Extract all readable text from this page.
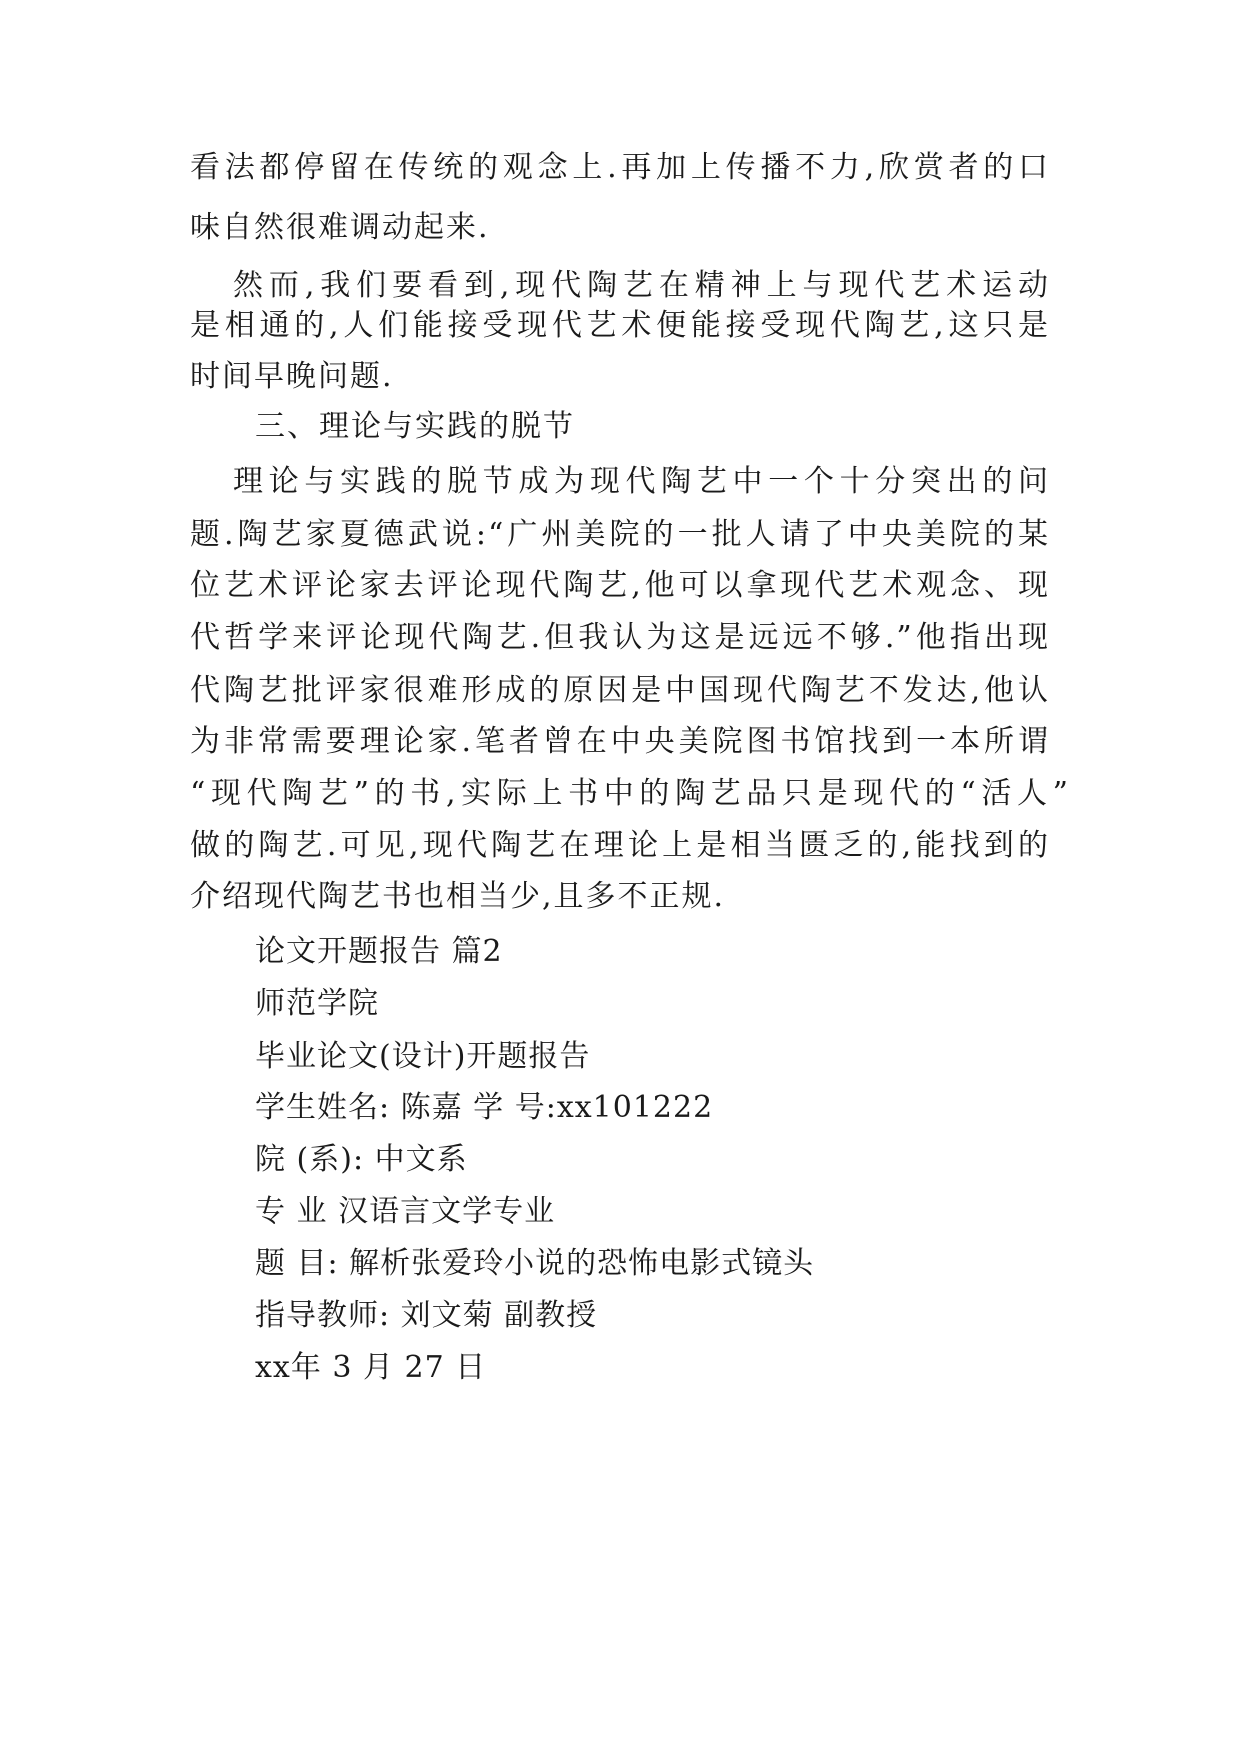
看法都停留在传统的观念上.再加上传播不力,欣赏者的口
味自然很难调动起来.
然而,我们要看到,现代陶艺在精神上与现代艺术运动
是相通的,人们能接受现代艺术便能接受现代陶艺,这只是
时间早晚问题.
三、理论与实践的脱节
理论与实践的脱节成为现代陶艺中一个十分突出的问
题.陶艺家夏德武说:“广州美院的一批人请了中央美院的某
位艺术评论家去评论现代陶艺,他可以拿现代艺术观念、现
代哲学来评论现代陶艺.但我认为这是远远不够.”他指出现
代陶艺批评家很难形成的原因是中国现代陶艺不发达,他认
为非常需要理论家.笔者曾在中央美院图书馆找到一本所谓
“现代陶艺”的书,实际上书中的陶艺品只是现代的“活人”
做的陶艺.可见,现代陶艺在理论上是相当匮乏的,能找到的
介绍现代陶艺书也相当少,且多不正规.
论文开题报告 篇2
师范学院
毕业论文(设计)开题报告
学生姓名: 陈嘉 学 号:xx101222
院 (系): 中文系
专 业 汉语言文学专业
题 目: 解析张爱玲小说的恐怖电影式镜头
指导教师: 刘文菊 副教授
xx年 3 月 27 日
